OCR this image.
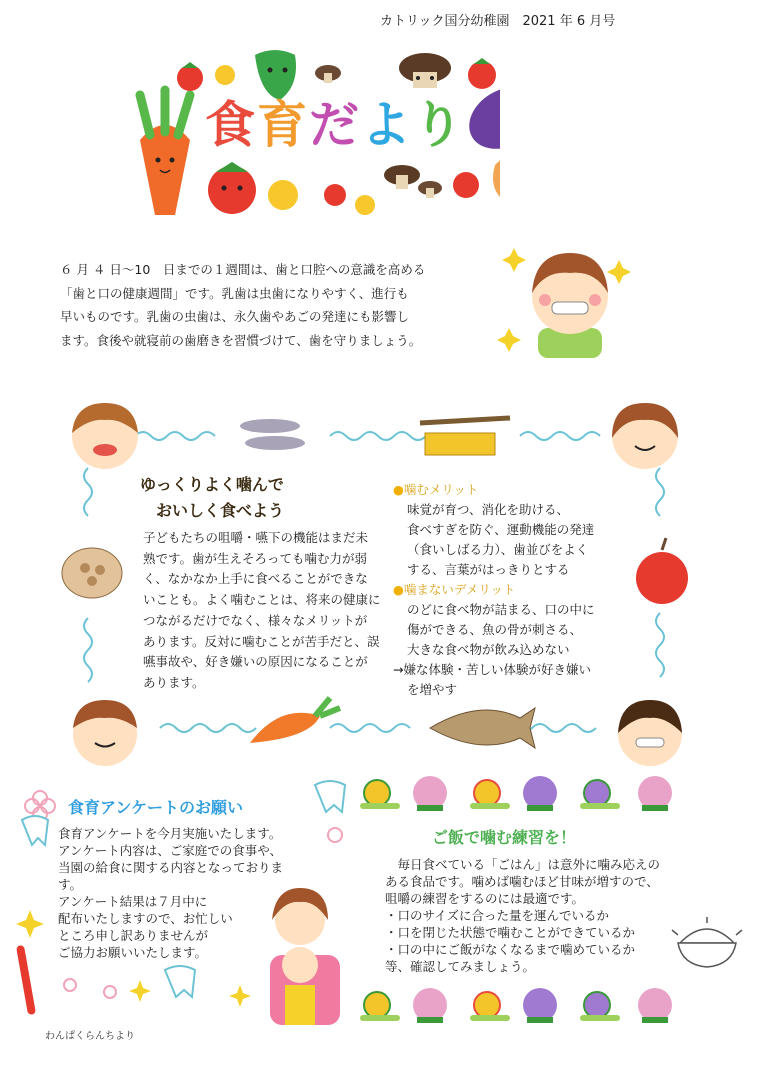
カトリック国分幼稚園　2021 年 6 月号
食育だより
６ 月 ４ 日～10　日までの１週間は、歯と口腔への意識を高める
「歯と口の健康週間」です。乳歯は虫歯になりやすく、進行も
早いものです。乳歯の虫歯は、永久歯やあごの発達にも影響し
ます。食後や就寝前の歯磨きを習慣づけて、歯を守りましょう。
ゆっくりよく噛んで
　おいしく食べよう
子どもたちの咀嚼・嚥下の機能はまだ未
熟です。歯が生えそろっても噛む力が弱
く、なかなか上手に食べることができな
いことも。よく噛むことは、将来の健康に
つながるだけでなく、様々なメリットが
あります。反対に噛むことが苦手だと、誤
嚥事故や、好き嫌いの原因になることが
あります。
●噛むメリット
味覚が育つ、消化を助ける、
食べすぎを防ぐ、運動機能の発達
（食いしばる力）、歯並びをよく
する、言葉がはっきりとする
●噛まないデメリット
のどに食べ物が詰まる、口の中に
傷ができる、魚の骨が刺さる、
大きな食べ物が飲み込めない
→嫌な体験・苦しい体験が好き嫌い
を増やす
食育アンケートのお願い
食育アンケートを今月実施いたします。
アンケート内容は、ご家庭での食事や、
当園の給食に関する内容となっておりま
す。
アンケート結果は７月中に
配布いたしますので、お忙しい
ところ申し訳ありませんが
ご協力お願いいたします。
ご飯で噛む練習を！
　毎日食べている「ごはん」は意外に噛み応えの
ある食品です。噛めば噛むほど甘味が増すので、
咀嚼の練習をするのには最適です。
・口のサイズに合った量を運んでいるか
・口を閉じた状態で噛むことができているか
・口の中にご飯がなくなるまで噛めているか
等、確認してみましょう。
わんぱくらんちより
